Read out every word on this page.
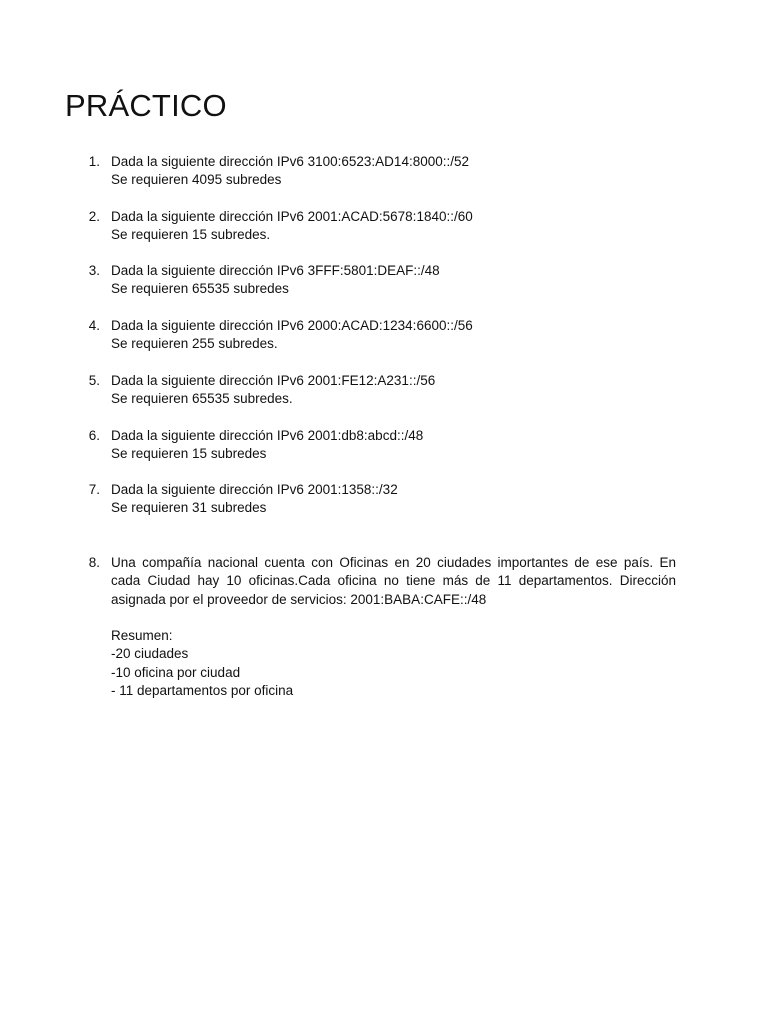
PRÁCTICO
1. Dada la siguiente dirección IPv6 3100:6523:AD14:8000::/52
Se requieren 4095 subredes
2. Dada la siguiente dirección IPv6 2001:ACAD:5678:1840::/60
Se requieren 15 subredes.
3. Dada la siguiente dirección IPv6 3FFF:5801:DEAF::/48
Se requieren 65535 subredes
4. Dada la siguiente dirección IPv6 2000:ACAD:1234:6600::/56
Se requieren 255 subredes.
5. Dada la siguiente dirección IPv6 2001:FE12:A231::/56
Se requieren 65535 subredes.
6. Dada la siguiente dirección IPv6 2001:db8:abcd::/48
Se requieren 15 subredes
7. Dada la siguiente dirección IPv6 2001:1358::/32
Se requieren 31 subredes
8. Una compañía nacional cuenta con Oficinas en 20 ciudades importantes de ese país. En
cada Ciudad hay 10 oficinas.Cada oficina no tiene más de 11 departamentos. Dirección
asignada por el proveedor de servicios: 2001:BABA:CAFE::/48
Resumen:
-20 ciudades
-10 oficina por ciudad
- 11 departamentos por oficina
